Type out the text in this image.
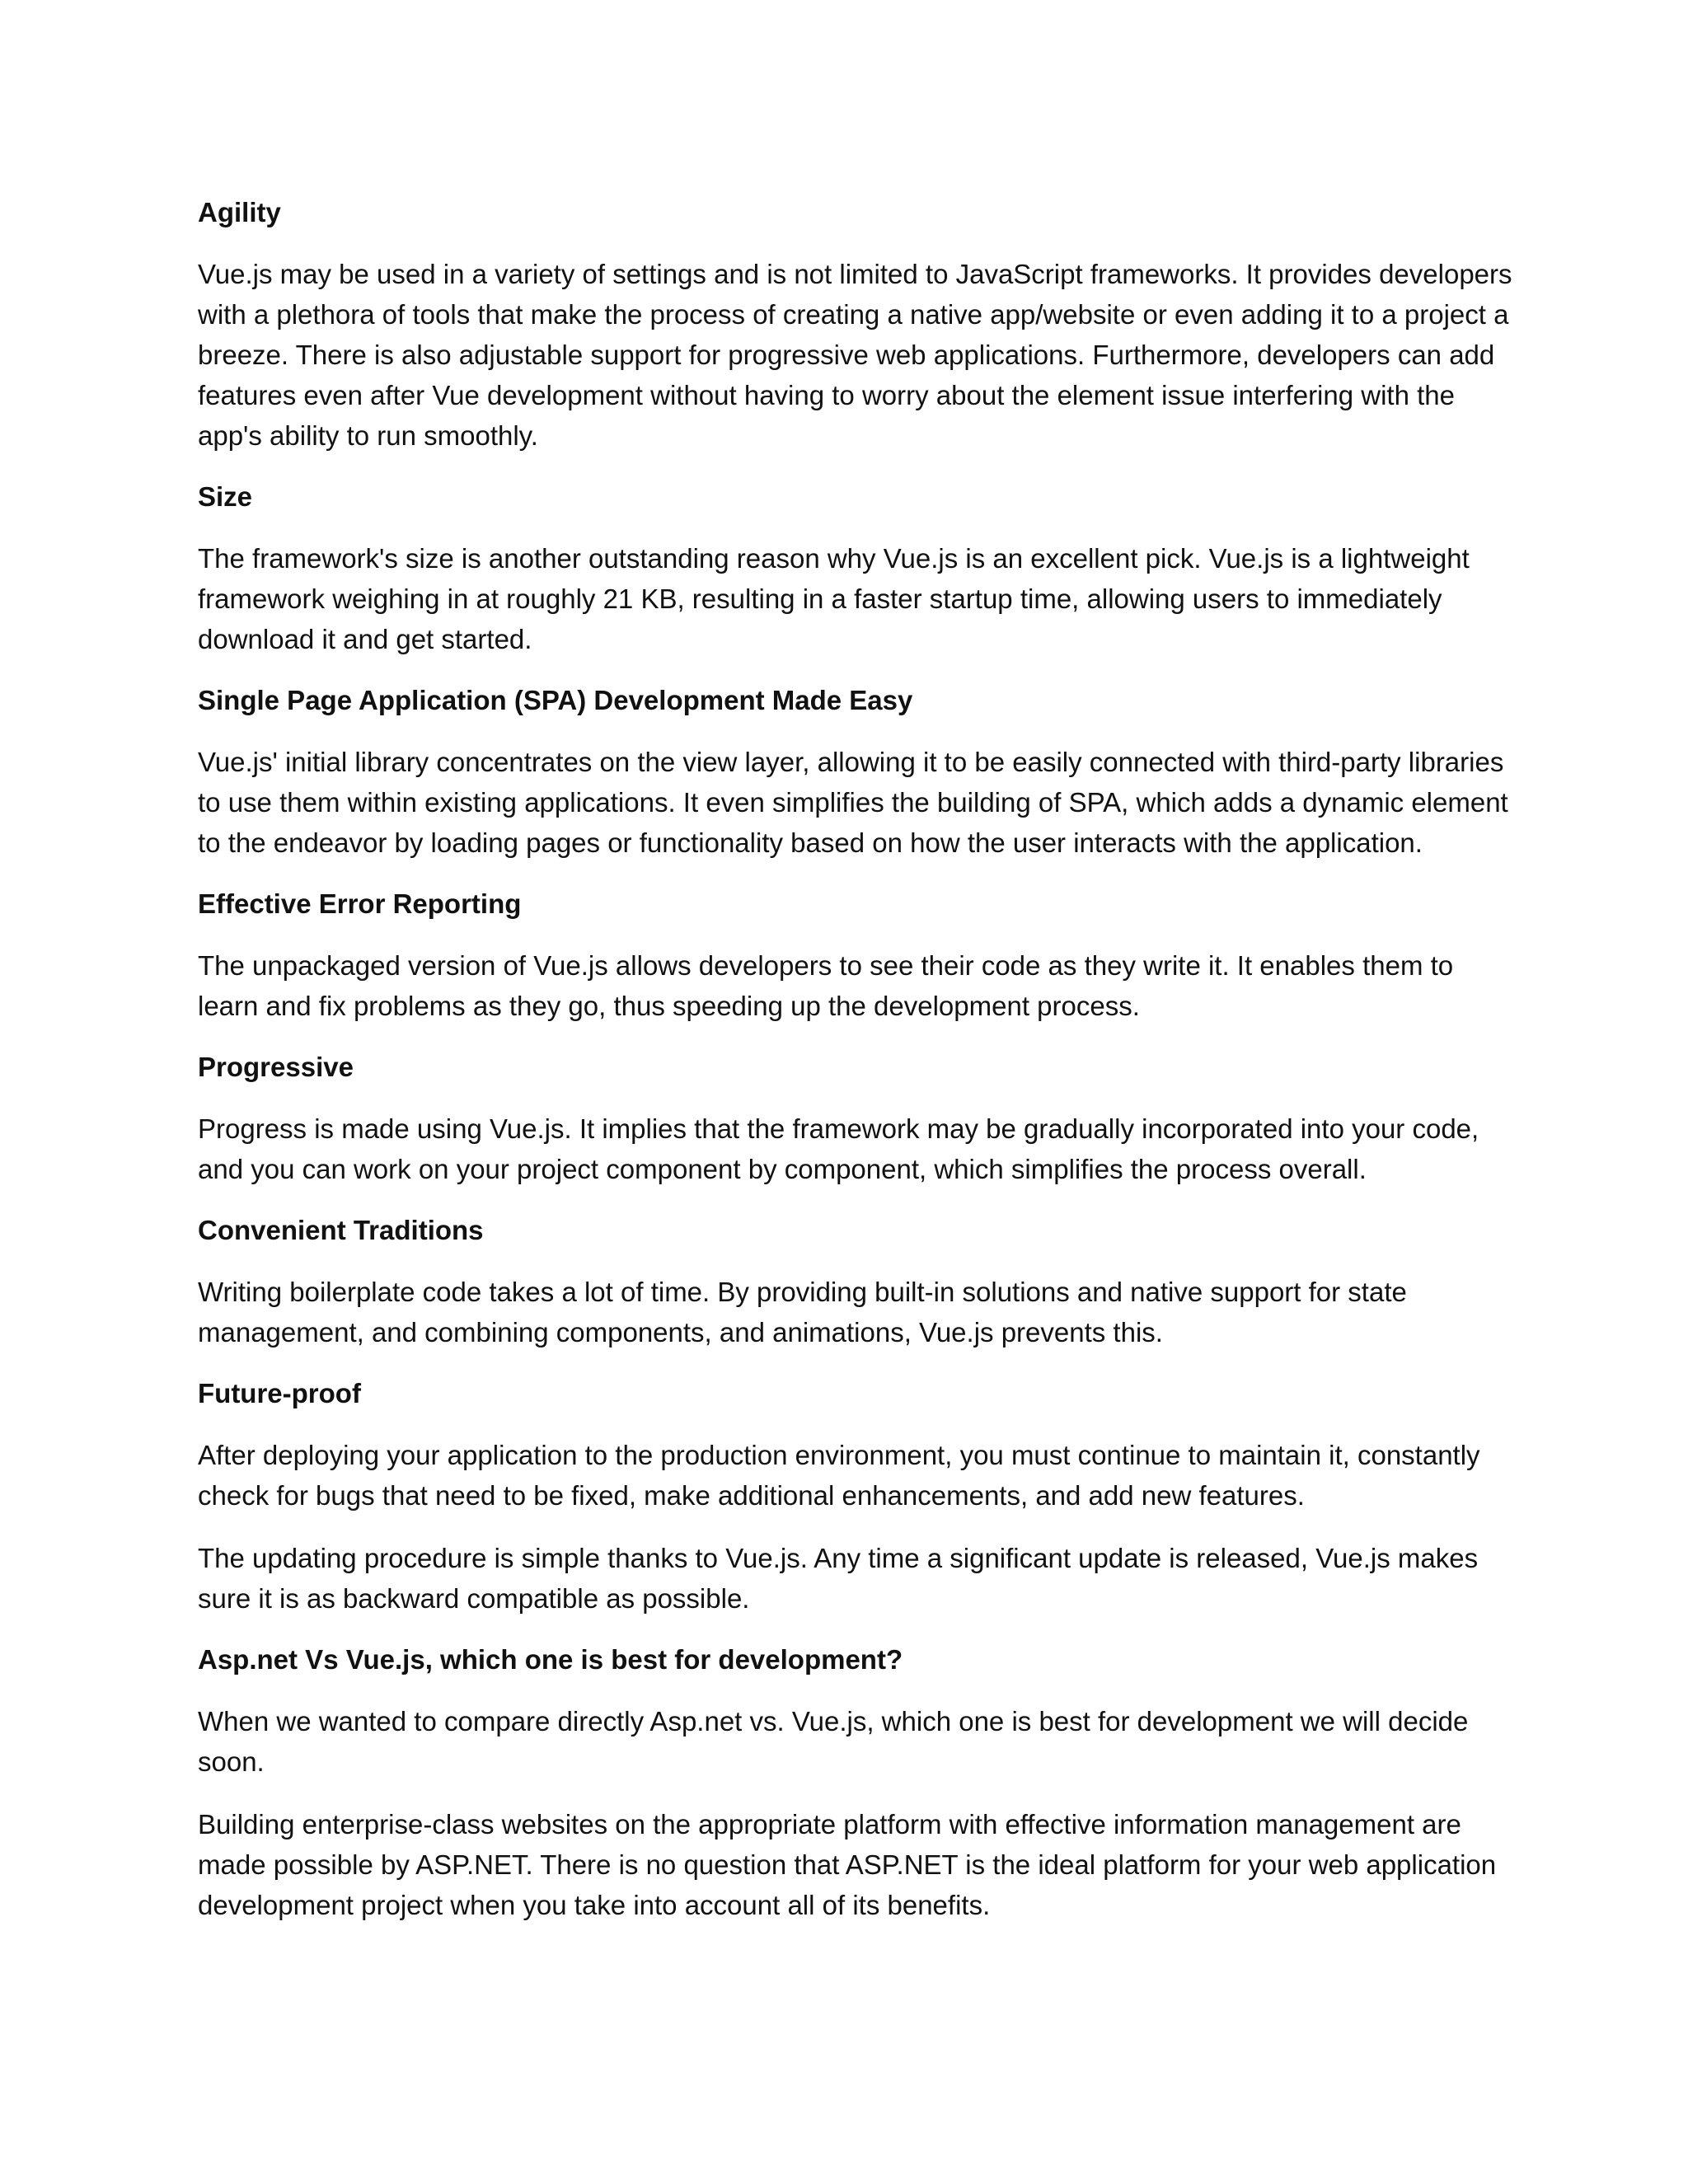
Agility
Vue.js may be used in a variety of settings and is not limited to JavaScript frameworks. It provides developers with a plethora of tools that make the process of creating a native app/website or even adding it to a project a breeze. There is also adjustable support for progressive web applications. Furthermore, developers can add features even after Vue development without having to worry about the element issue interfering with the app's ability to run smoothly.
Size
The framework's size is another outstanding reason why Vue.js is an excellent pick. Vue.js is a lightweight framework weighing in at roughly 21 KB, resulting in a faster startup time, allowing users to immediately download it and get started.
Single Page Application (SPA) Development Made Easy
Vue.js' initial library concentrates on the view layer, allowing it to be easily connected with third-party libraries to use them within existing applications. It even simplifies the building of SPA, which adds a dynamic element to the endeavor by loading pages or functionality based on how the user interacts with the application.
Effective Error Reporting
The unpackaged version of Vue.js allows developers to see their code as they write it. It enables them to learn and fix problems as they go, thus speeding up the development process.
Progressive
Progress is made using Vue.js. It implies that the framework may be gradually incorporated into your code, and you can work on your project component by component, which simplifies the process overall.
Convenient Traditions
Writing boilerplate code takes a lot of time. By providing built-in solutions and native support for state management, and combining components, and animations, Vue.js prevents this.
Future-proof
After deploying your application to the production environment, you must continue to maintain it, constantly check for bugs that need to be fixed, make additional enhancements, and add new features.
The updating procedure is simple thanks to Vue.js. Any time a significant update is released, Vue.js makes sure it is as backward compatible as possible.
Asp.net Vs Vue.js, which one is best for development?
When we wanted to compare directly Asp.net vs. Vue.js, which one is best for development we will decide soon.
Building enterprise-class websites on the appropriate platform with effective information management are made possible by ASP.NET. There is no question that ASP.NET is the ideal platform for your web application development project when you take into account all of its benefits.
